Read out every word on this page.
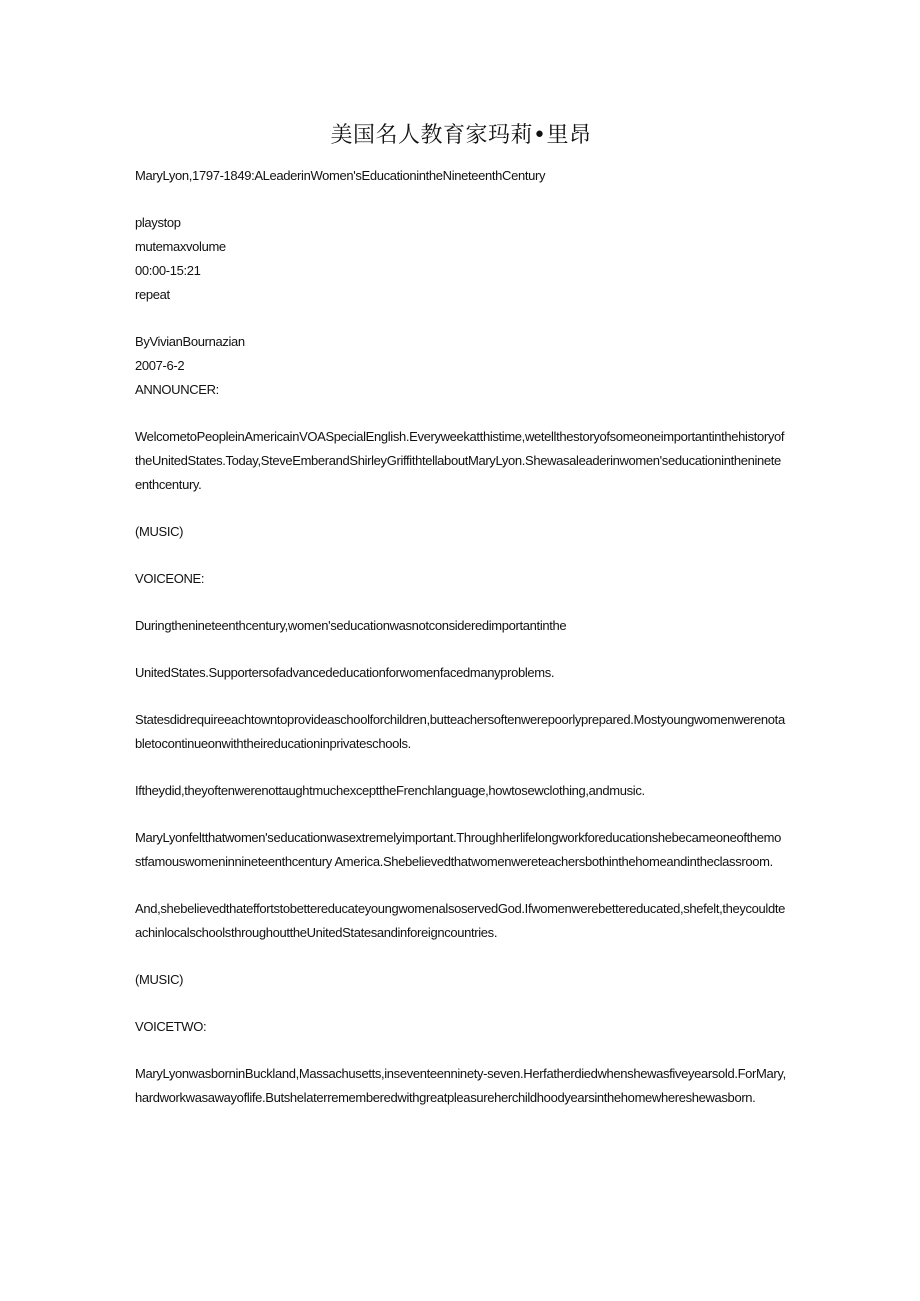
美国名人教育家玛莉•里昂

MaryLyon,1797-1849:ALeaderinWomen'sEducationintheNineteenthCentury

playstop

mutemaxvolume

00:00-15:21

repeat

ByVivianBournazian

2007-6-2

ANNOUNCER:

WelcometoPeopleinAmericainVOASpecialEnglish.Everyweekatthistime,wetellthestoryofsomeoneimportantinthehistoryoftheUnitedStates.Today,SteveEmberandShirleyGriffithtellaboutMaryLyon.Shewasaleaderinwomen'seducationinthenineteenthcentury.

(MUSIC)

VOICEONE:

Duringthenineteenthcentury,women'seducationwasnotconsideredimportantinthe

UnitedStates.Supportersofadvancededucationforwomenfacedmanyproblems.

Statesdidrequireeachtowntoprovideaschoolforchildren,butteachersoftenwerepoorlyprepared.Mostyoungwomenwerenotabletocontinueonwiththeireducationinprivateschools.

Iftheydid,theyoftenwerenottaughtmuchexcepttheFrenchlanguage,howtosewclothing,andmusic.

MaryLyonfeltthatwomen'seducationwasextremelyimportant.Throughherlifelongworkforeducationshebecameoneofthemostfamouswomeninnineteenthcentury America.Shebelievedthatwomenwereteachersbothinthehomeandintheclassroom.

And,shebelievedthateffortstobettereducateyoungwomenalsoservedGod.Ifwomenwerebettereducated,shefelt,theycouldteachinlocalschoolsthroughouttheUnitedStatesandinforeigncountries.

(MUSIC)

VOICETWO:

MaryLyonwasborninBuckland,Massachusetts,inseventeenninety-seven.Herfatherdiedwhenshewasfiveyearsold.ForMary,hardworkwasawayoflife.Butshelaterrememberedwithgreatpleasureherchildhoodyearsinthehomewhereshewasborn.
